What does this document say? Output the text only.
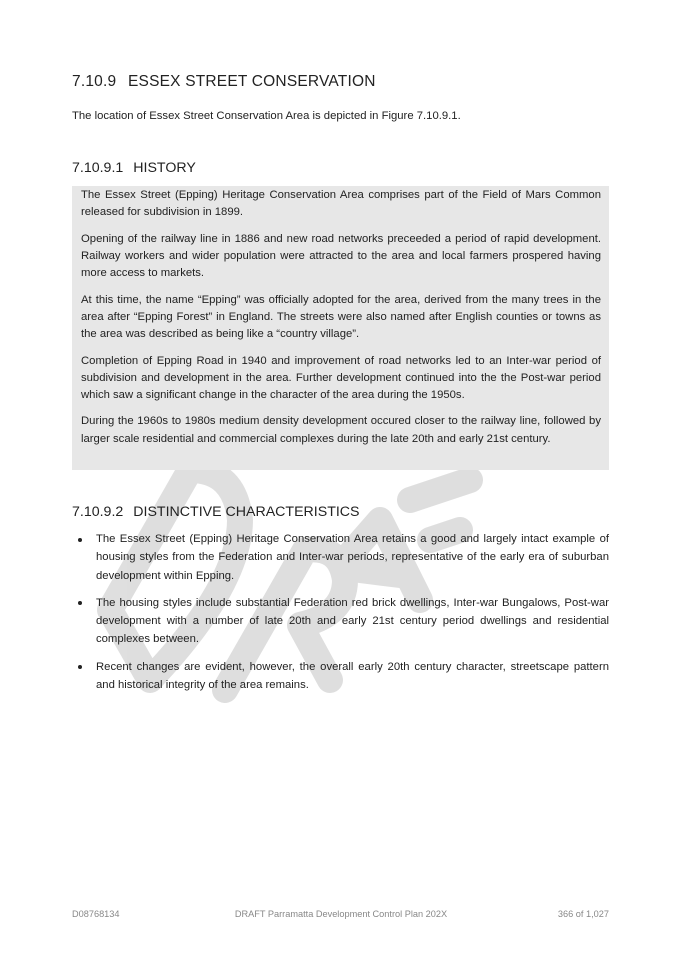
7.10.9 ESSEX STREET CONSERVATION
The location of Essex Street Conservation Area is depicted in Figure 7.10.9.1.
7.10.9.1 HISTORY

The Essex Street (Epping) Heritage Conservation Area comprises part of the Field of Mars Common released for subdivision in 1899.

Opening of the railway line in 1886 and new road networks preceeded a period of rapid development. Railway workers and wider population were attracted to the area and local farmers prospered having more access to markets.

At this time, the name “Epping” was officially adopted for the area, derived from the many trees in the area after “Epping Forest” in England. The streets were also named after English counties or towns as the area was described as being like a “country village”.

Completion of Epping Road in 1940 and improvement of road networks led to an Inter-war period of subdivision and development in the area. Further development continued into the the Post-war period which saw a significant change in the character of the area during the 1950s.

During the 1960s to 1980s medium density development occured closer to the railway line, followed by larger scale residential and commercial complexes during the late 20th and early 21st century.

7.10.9.2 DISTINCTIVE CHARACTERISTICS
The Essex Street (Epping) Heritage Conservation Area retains a good and largely intact example of housing styles from the Federation and Inter-war periods, representative of the early era of suburban development within Epping.
The housing styles include substantial Federation red brick dwellings, Inter-war Bungalows, Post-war development with a number of late 20th and early 21st century period dwellings and residential complexes between.
Recent changes are evident, however, the overall early 20th century character, streetscape pattern and historical integrity of the area remains.
D08768134	DRAFT Parramatta Development Control Plan 202X	366 of 1,027
